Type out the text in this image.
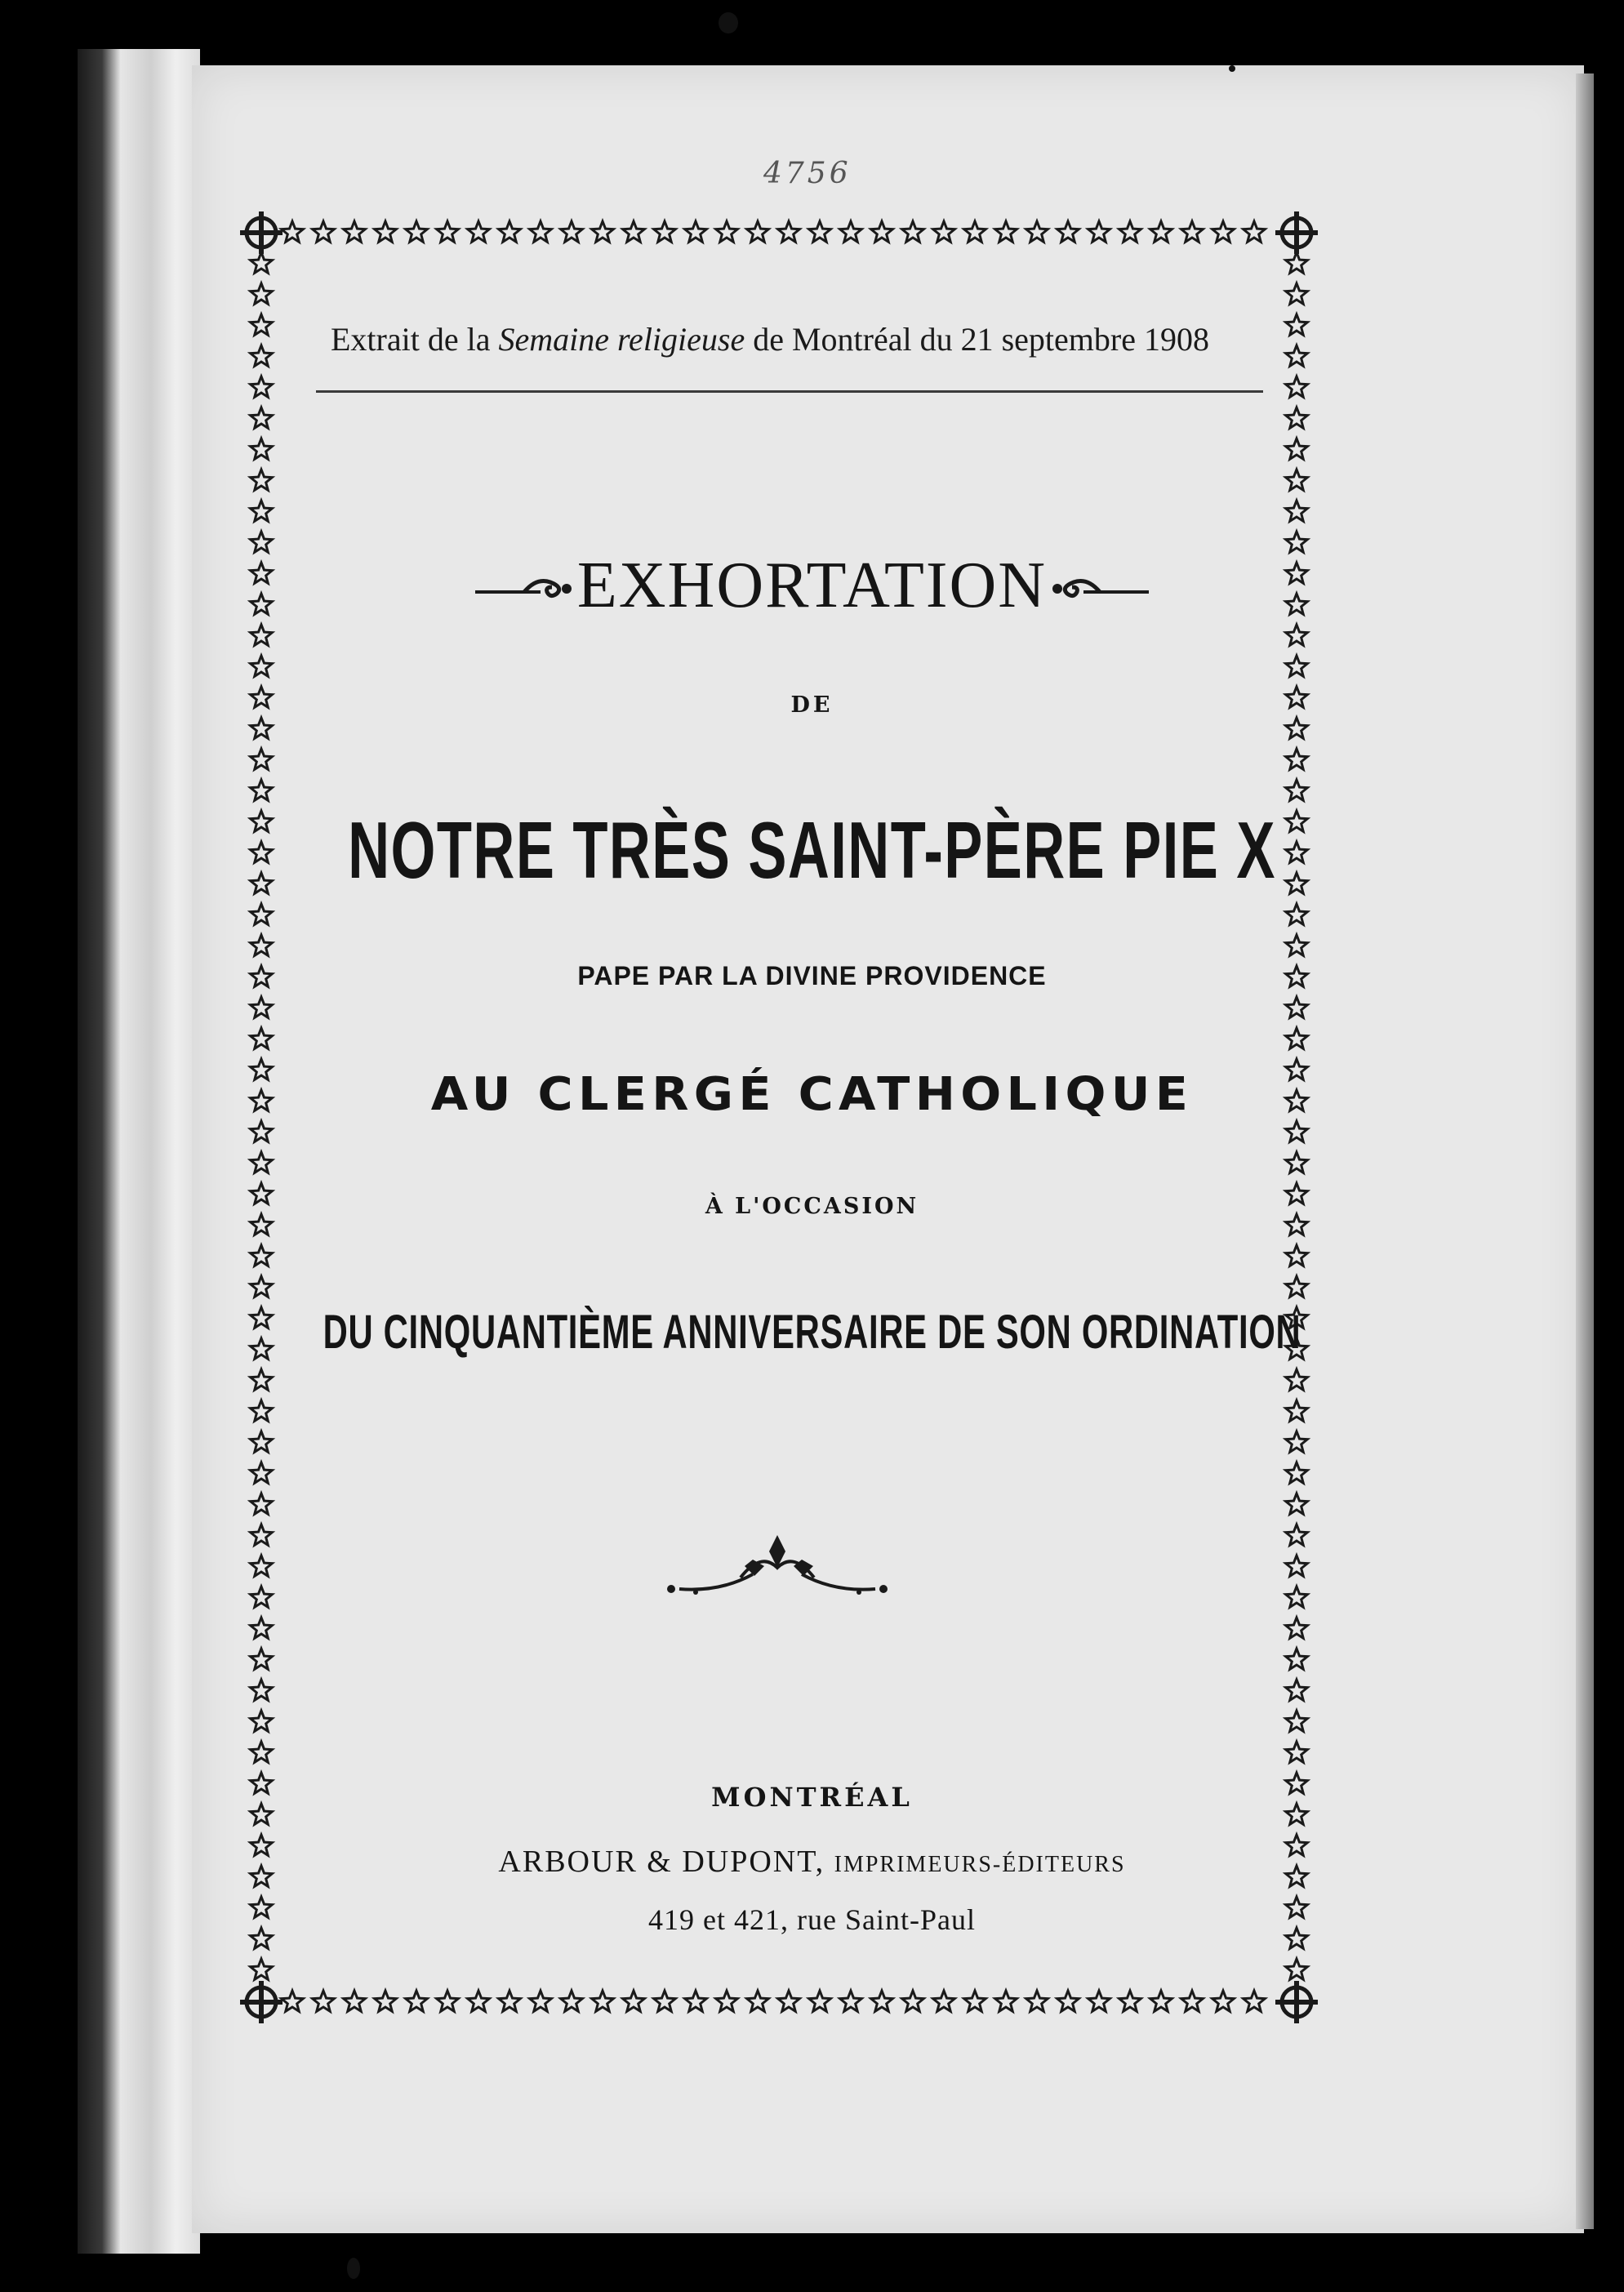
4756
Extrait de la Semaine religieuse de Montréal du 21 septembre 1908
EXHORTATION
DE
NOTRE TRÈS SAINT-PÈRE PIE X
PAPE PAR LA DIVINE PROVIDENCE
AU CLERGÉ CATHOLIQUE
À L'OCCASION
DU CINQUANTIÈME ANNIVERSAIRE DE SON ORDINATION
MONTRÉAL
ARBOUR & DUPONT, IMPRIMEURS-ÉDITEURS
419 et 421, rue Saint-Paul
